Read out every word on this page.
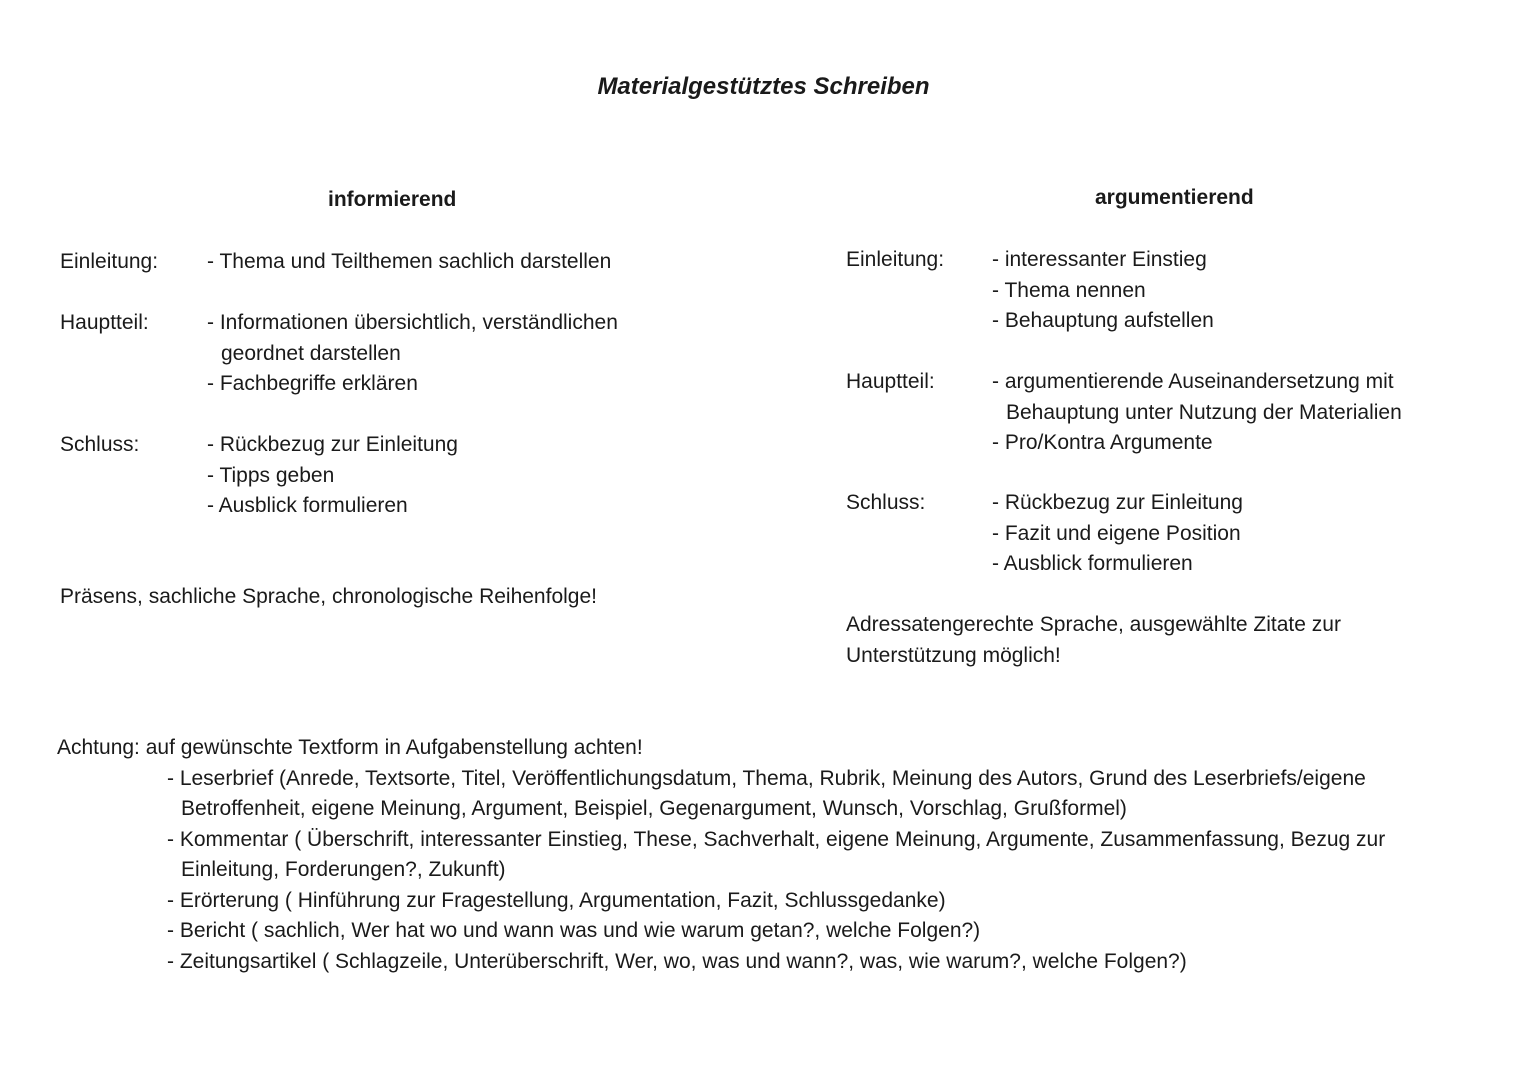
Materialgestütztes Schreiben
informierend
Einleitung:	- Thema und Teilthemen sachlich darstellen
Hauptteil:	- Informationen übersichtlich, verständlichen geordnet darstellen
- Fachbegriffe erklären
Schluss:	- Rückbezug zur Einleitung
- Tipps geben
- Ausblick formulieren

Präsens, sachliche Sprache, chronologische Reihenfolge!

argumentierend
Einleitung:	- interessanter Einstieg
- Thema nennen
- Behauptung aufstellen
Hauptteil:	- argumentierende Auseinandersetzung mit Behauptung unter Nutzung der Materialien
- Pro/Kontra Argumente
Schluss:	- Rückbezug zur Einleitung
- Fazit und eigene Position
- Ausblick formulieren
Adressatengerechte Sprache, ausgewählte Zitate zur
Unterstützung möglich!
Achtung: auf gewünschte Textform in Aufgabenstellung achten!
- Leserbrief (Anrede, Textsorte, Titel, Veröffentlichungsdatum, Thema, Rubrik, Meinung des Autors, Grund des Leserbriefs/eigene Betroffenheit, eigene Meinung, Argument, Beispiel, Gegenargument, Wunsch, Vorschlag, Grußformel)
- Kommentar ( Überschrift, interessanter Einstieg, These, Sachverhalt, eigene Meinung, Argumente, Zusammenfassung, Bezug zur Einleitung, Forderungen?, Zukunft)
- Erörterung ( Hinführung zur Fragestellung, Argumentation, Fazit, Schlussgedanke)
- Bericht ( sachlich, Wer hat wo und wann was und wie warum getan?, welche Folgen?)
- Zeitungsartikel ( Schlagzeile, Unterüberschrift, Wer, wo, was und wann?, was, wie warum?, welche Folgen?)
